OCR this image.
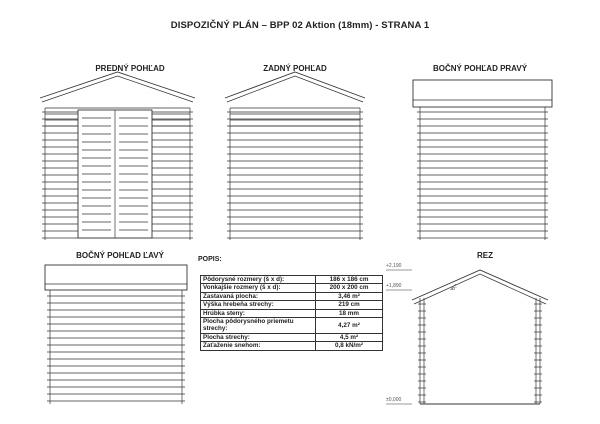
DISPOZIČNÝ PLÁN – BPP 02 Aktion (18mm) - STRANA 1
PREDNÝ POHĽAD	ZADNÝ POHĽAD	BOČNÝ POHĽAD PRAVÝ
BOČNÝ POHĽAD ĽAVÝ	REZ
POPIS:
Pôdorysné rozmery (š x d):	186 x 186 cm
Vonkajšie rozmery (š x d):	200 x 200 cm
Zastavaná plocha:	3,46 m²
Výška hrebeňa strechy:	219 cm
Hrúbka steny:	18 mm
Plocha pôdorysného priemetu strechy:	4,27 m²
Plocha strechy:	4,5 m²
Zaťaženie snehom:	0,8 kN/m²
+2,190
+1,890
±0,000
20°
